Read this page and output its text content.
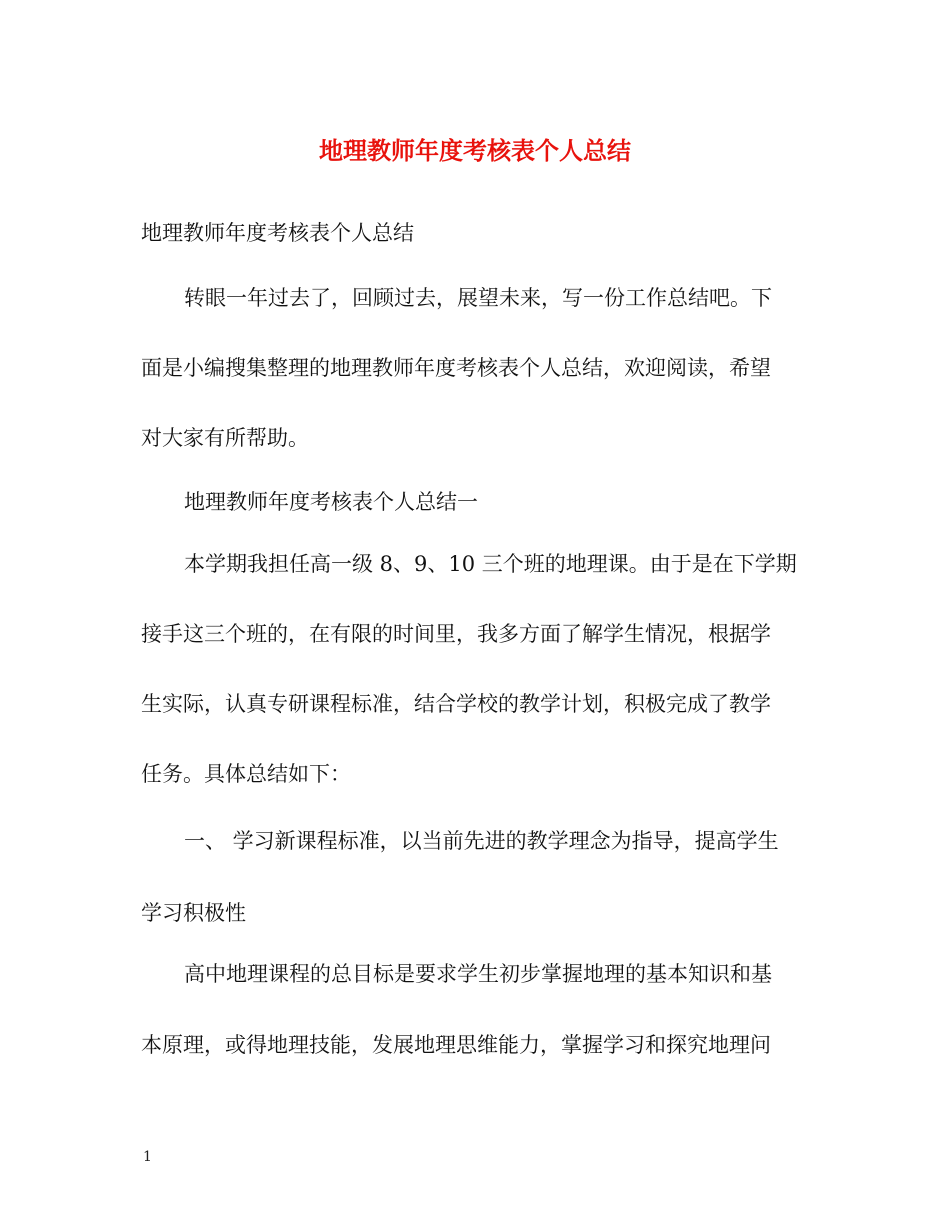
地理教师年度考核表个人总结
地理教师年度考核表个人总结
转眼一年过去了，回顾过去，展望未来，写一份工作总结吧。下
面是小编搜集整理的地理教师年度考核表个人总结，欢迎阅读，希望
对大家有所帮助。
地理教师年度考核表个人总结一
本学期我担任高一级 8、9、10 三个班的地理课。由于是在下学期
接手这三个班的，在有限的时间里，我多方面了解学生情况，根据学
生实际，认真专研课程标准，结合学校的教学计划，积极完成了教学
任务。具体总结如下：
一、 学习新课程标准，以当前先进的教学理念为指导，提高学生
学习积极性
高中地理课程的总目标是要求学生初步掌握地理的基本知识和基
本原理，或得地理技能，发展地理思维能力，掌握学习和探究地理问
1
